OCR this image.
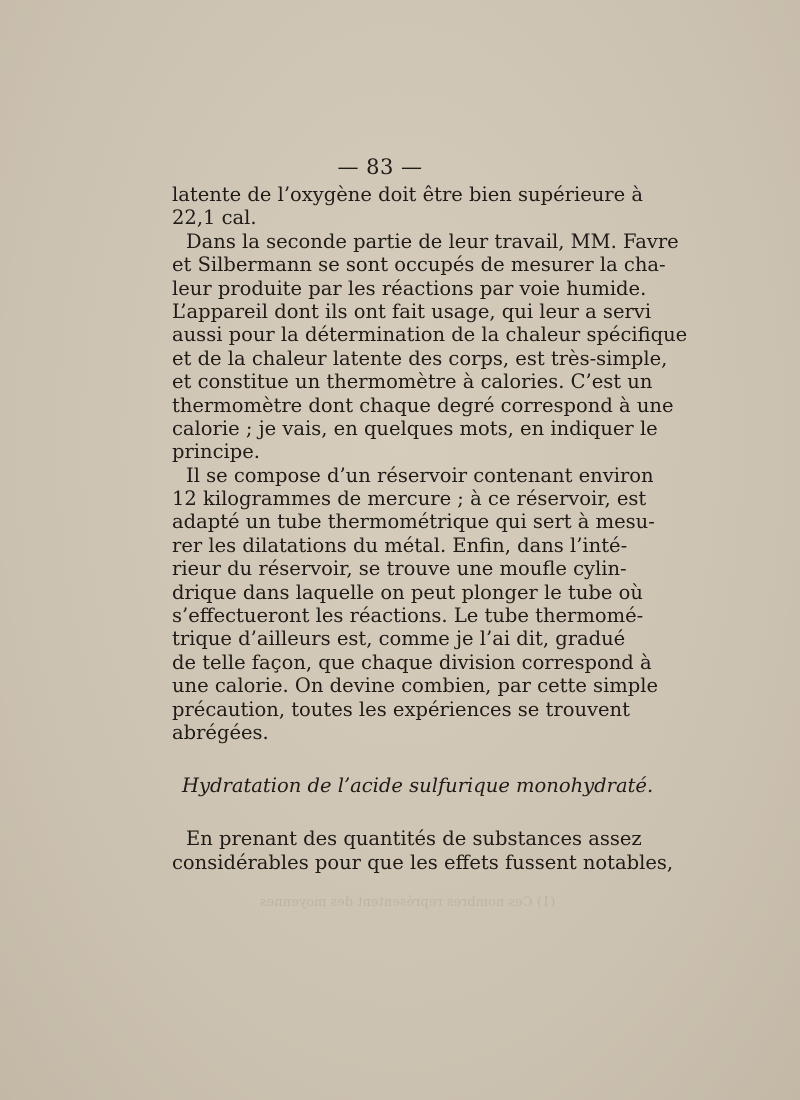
— 83 —
latente de l’oxygène doit être bien supérieure à
22,1 cal.
Dans la seconde partie de leur travail, MM. Favre
et Silbermann se sont occupés de mesurer la cha-
leur produite par les réactions par voie humide.
L’appareil dont ils ont fait usage, qui leur a servi
aussi pour la détermination de la chaleur spécifique
et de la chaleur latente des corps, est très-simple,
et constitue un thermomètre à calories. C’est un
thermomètre dont chaque degré correspond à une
calorie ; je vais, en quelques mots, en indiquer le
principe.
Il se compose d’un réservoir contenant environ
12 kilogrammes de mercure ; à ce réservoir, est
adapté un tube thermométrique qui sert à mesu-
rer les dilatations du métal. Enfin, dans l’inté-
rieur du réservoir, se trouve une moufle cylin-
drique dans laquelle on peut plonger le tube où
s’effectueront les réactions. Le tube thermomé-
trique d’ailleurs est, comme je l’ai dit, gradué
de telle façon, que chaque division correspond à
une calorie. On devine combien, par cette simple
précaution, toutes les expériences se trouvent
abrégées.
Hydratation de l’acide sulfurique monohydraté.
En prenant des quantités de substances assez
considérables pour que les effets fussent notables,
(1) Ces nombres représentent des moyennes
